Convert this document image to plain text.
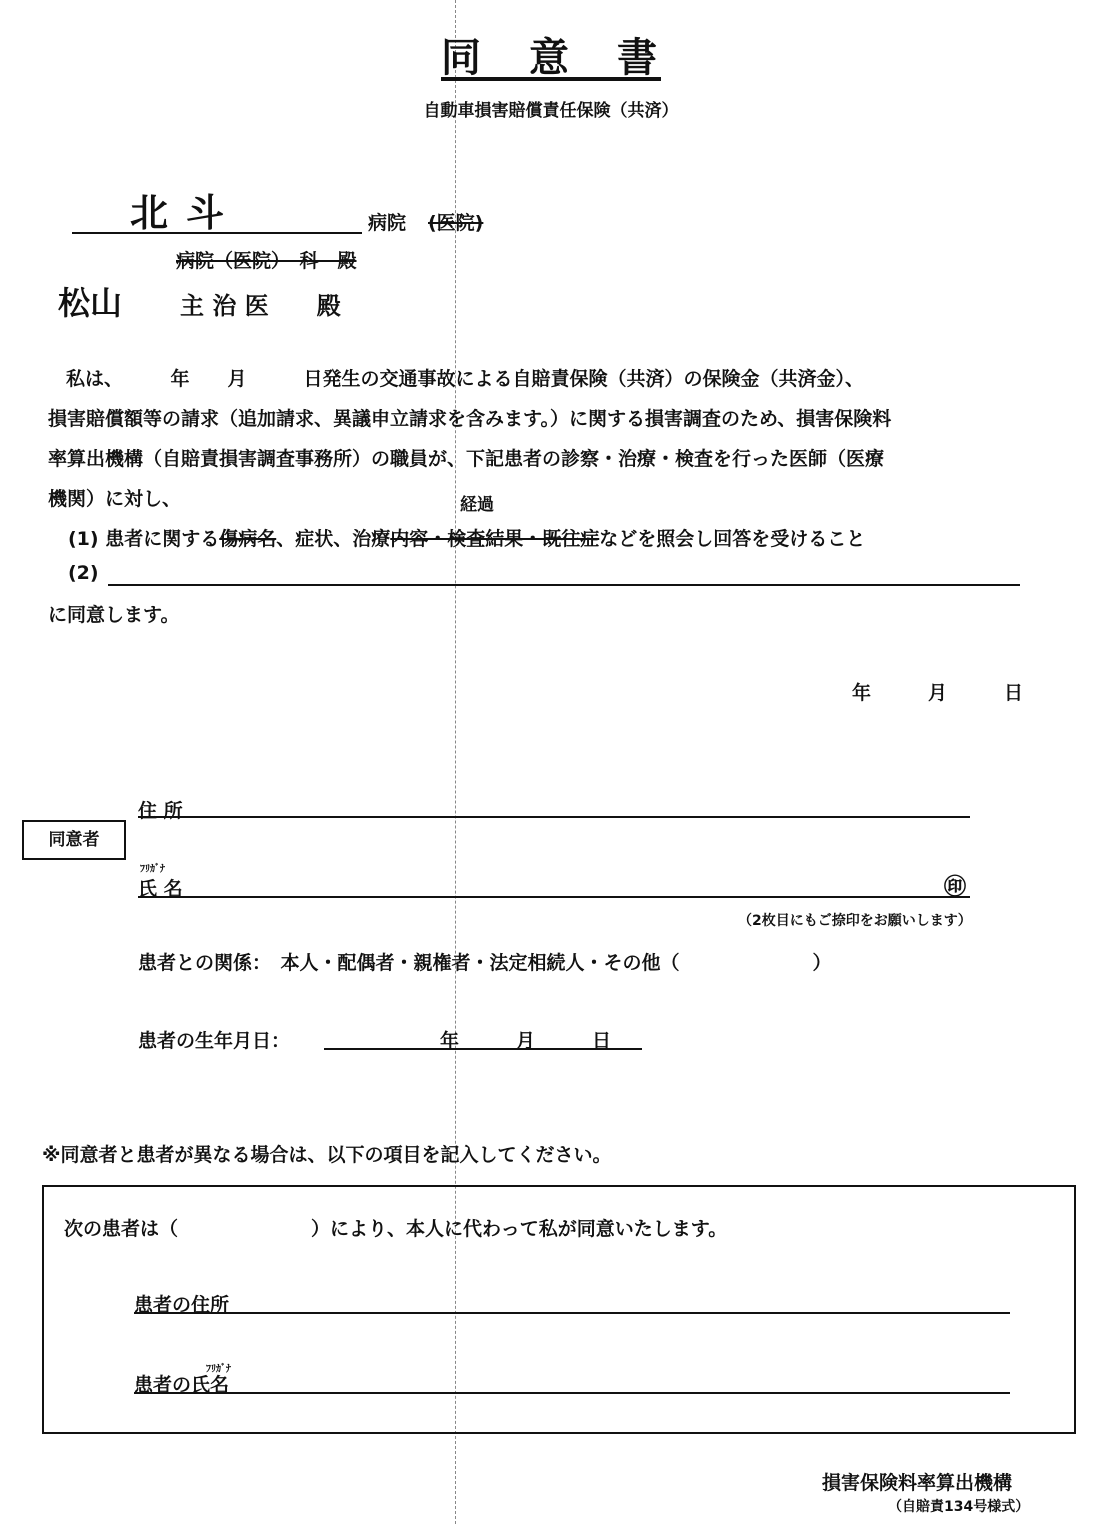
同　意　書
自動車損害賠償責任保険（共済）
北斗	病院 (医院)
病院（医院）　科　殿
松山 主 治 医　　殿
私は、　　　年　　月　　　日発生の交通事故による自賠責保険（共済）の保険金（共済金）、
損害賠償額等の請求（追加請求、異議申立請求を含みます。）に関する損害調査のため、損害保険料
率算出機構（自賠責損害調査事務所）の職員が、下記患者の診察・治療・検査を行った医師（医療
機関）に対し、	経過
(1) 患者に関する傷病名、症状、治療内容・検査結果・既往症などを照会し回答を受けること
(2)
に同意します。
年　　　月　　　日
同意者
住 所
ﾌﾘｶﾞﾅ
氏 名	㊞
（2枚目にもご捺印をお願いします）
患者との関係：　本人・配偶者・親権者・法定相続人・その他（　　　　　　　）
患者の生年月日：	年　　　月　　　日
※同意者と患者が異なる場合は、以下の項目を記入してください。
次の患者は（　　　　　　　）により、本人に代わって私が同意いたします。
患者の住所
ﾌﾘｶﾞﾅ
患者の氏名
損害保険料率算出機構
（自賠責134号様式）
